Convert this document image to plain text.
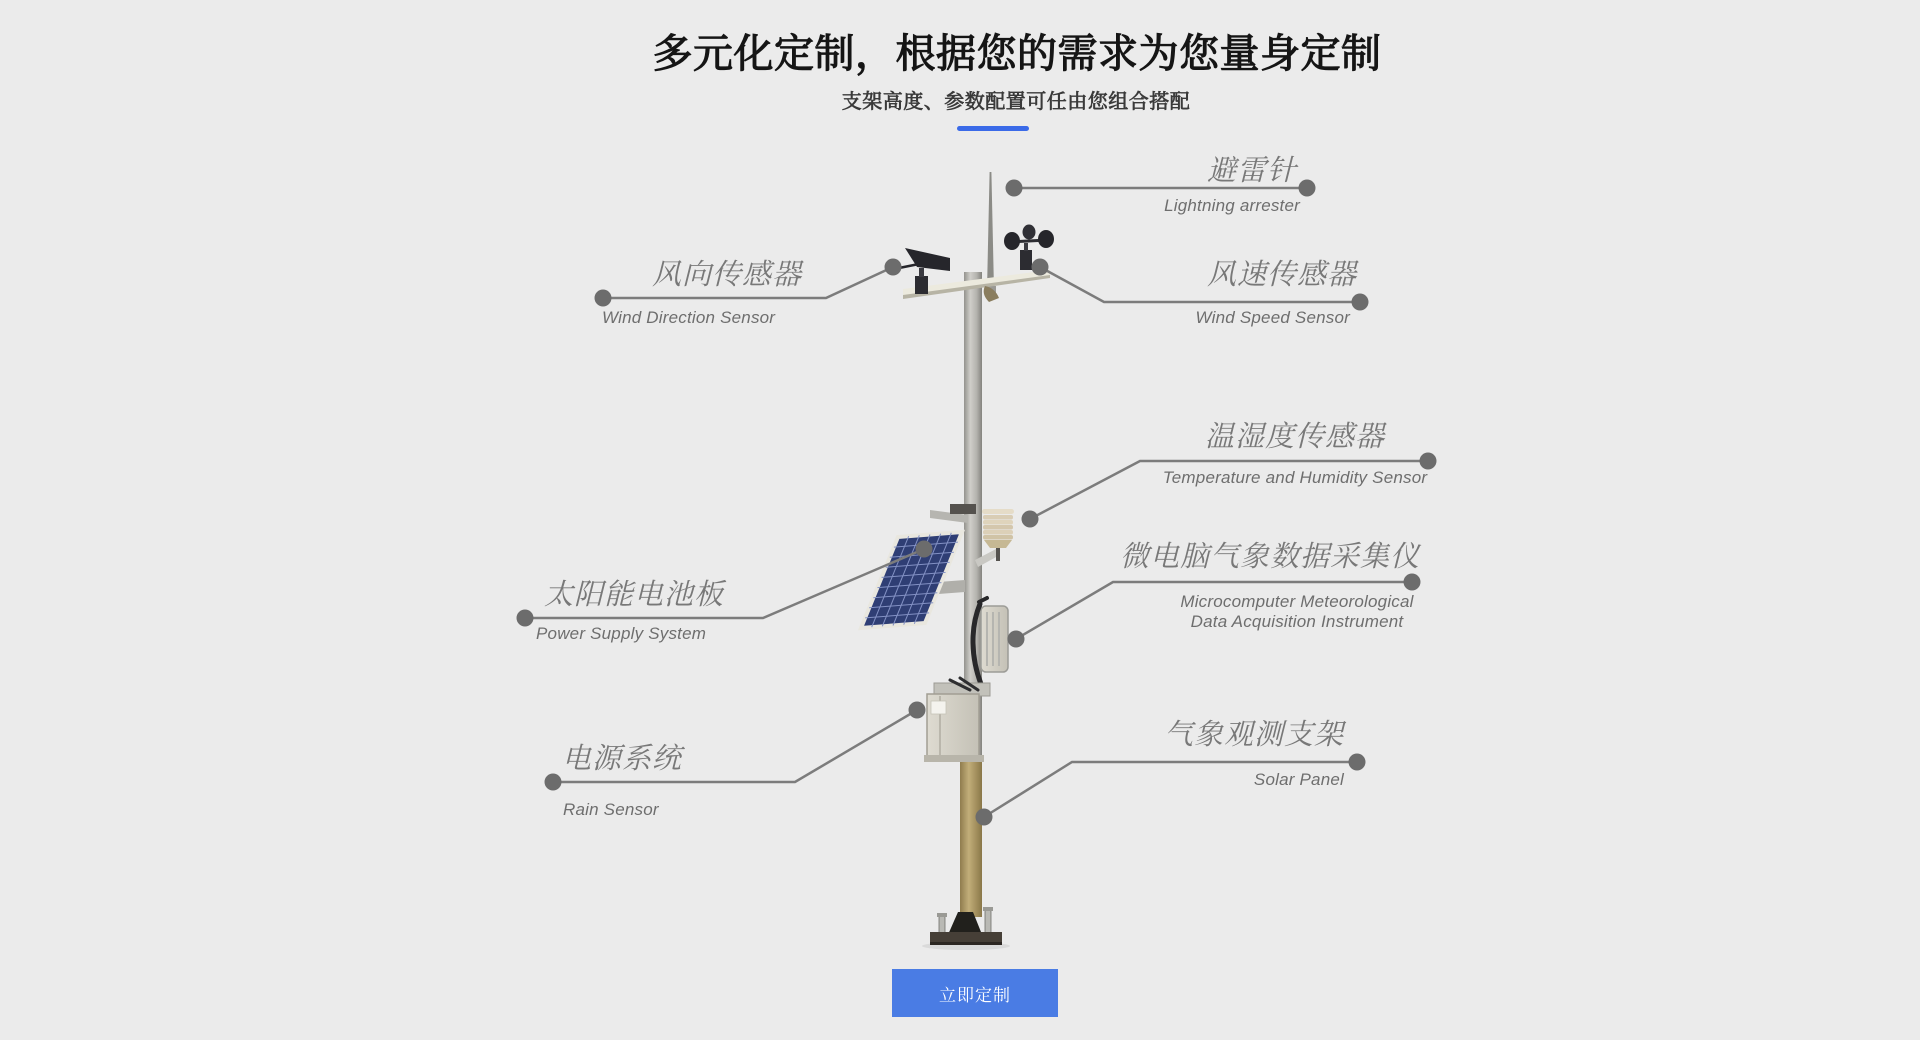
多元化定制，根据您的需求为您量身定制
支架高度、参数配置可任由您组合搭配
避雷针
Lightning arrester
风向传感器
Wind Direction Sensor
风速传感器
Wind Speed Sensor
温湿度传感器
Temperature and Humidity Sensor
太阳能电池板
Power Supply System
微电脑气象数据采集仪
Microcomputer Meteorological
Data Acquisition Instrument
电源系统
Rain Sensor
气象观测支架
Solar Panel
立即定制
